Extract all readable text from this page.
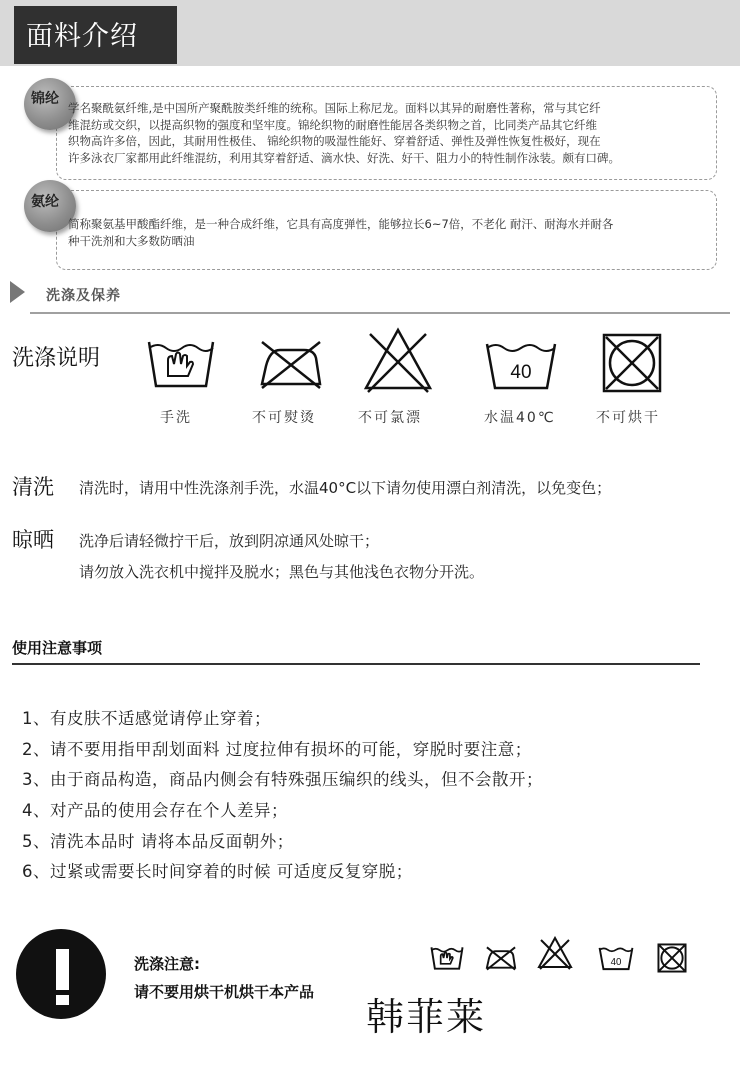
面料介绍
锦纶
学名聚酰氨纤维,是中国所产聚酰胺类纤维的统称。国际上称尼龙。面料以其异的耐磨性著称，常与其它纤
维混纺或交织，以提高织物的强度和坚牢度。锦纶织物的耐磨性能居各类织物之首，比同类产品其它纤维
织物高许多倍，因此，其耐用性极佳、 锦纶织物的吸湿性能好、穿着舒适、弹性及弹性恢复性极好，现在
许多泳衣厂家都用此纤维混纺，利用其穿着舒适、滴水快、好洗、好干、阻力小的特性制作泳装。颇有口碑。
氨纶
简称聚氨基甲酸酯纤维，是一种合成纤维，它具有高度弹性，能够拉长6~7倍，不老化 耐汗、耐海水并耐各
种干洗剂和大多数防晒油
洗涤及保养
洗涤说明
手洗	不可熨烫	不可氯漂
40
水温40℃	不可烘干
清洗 清洗时，请用中性洗涤剂手洗，水温40°C以下请勿使用漂白剂清洗，以免变色；
晾晒 洗净后请轻微拧干后，放到阴凉通风处晾干；
请勿放入洗衣机中搅拌及脱水；黑色与其他浅色衣物分开洗。
使用注意事项
1、有皮肤不适感觉请停止穿着；
2、请不要用指甲刮划面料 过度拉伸有损坏的可能，穿脱时要注意；
3、由于商品构造，商品内侧会有特殊强压编织的线头，但不会散开；
4、对产品的使用会存在个人差异；
5、清洗本品时 请将本品反面朝外；
6、过紧或需要长时间穿着的时候 可适度反复穿脱；
洗涤注意:
请不要用烘干机烘干本产品
40
韩菲莱
